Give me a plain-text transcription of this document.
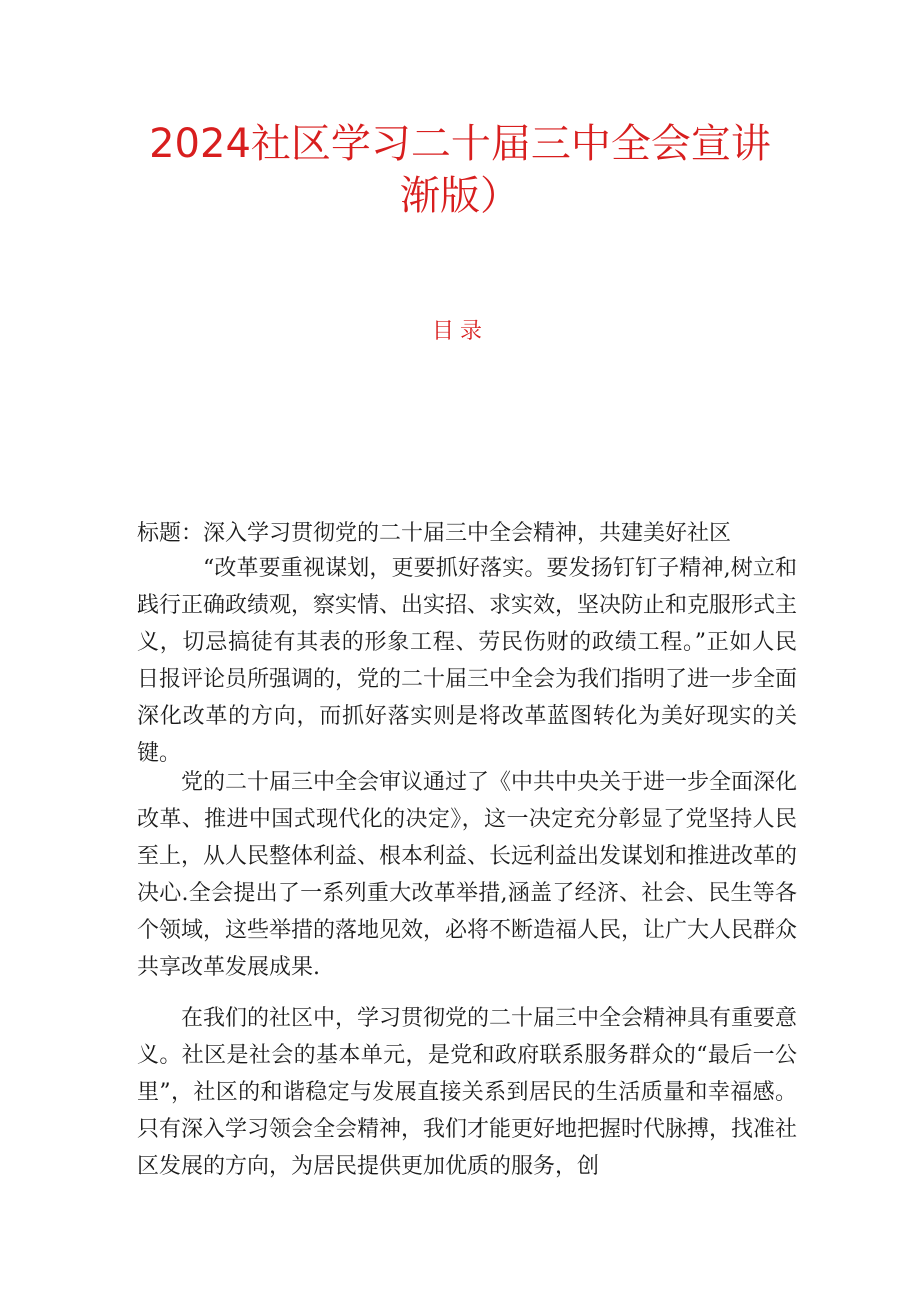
2024社区学习二十届三中全会宣讲
渐版）
目录
标题：深入学习贯彻党的二十届三中全会精神，共建美好社区

“改革要重视谋划，更要抓好落实。要发扬钉钉子精神,树立和践行正确政绩观，察实情、出实招、求实效，坚决防止和克服形式主义，切忌搞徒有其表的形象工程、劳民伤财的政绩工程。”正如人民日报评论员所强调的，党的二十届三中全会为我们指明了进一步全面深化改革的方向，而抓好落实则是将改革蓝图转化为美好现实的关键。

党的二十届三中全会审议通过了《中共中央关于进一步全面深化改革、推进中国式现代化的决定》，这一决定充分彰显了党坚持人民至上，从人民整体利益、根本利益、长远利益出发谋划和推进改革的决心.全会提出了一系列重大改革举措,涵盖了经济、社会、民生等各个领域，这些举措的落地见效，必将不断造福人民，让广大人民群众共享改革发展成果.

在我们的社区中，学习贯彻党的二十届三中全会精神具有重要意义。社区是社会的基本单元，是党和政府联系服务群众的“最后一公里”，社区的和谐稳定与发展直接关系到居民的生活质量和幸福感。只有深入学习领会全会精神，我们才能更好地把握时代脉搏，找准社区发展的方向，为居民提供更加优质的服务，创
